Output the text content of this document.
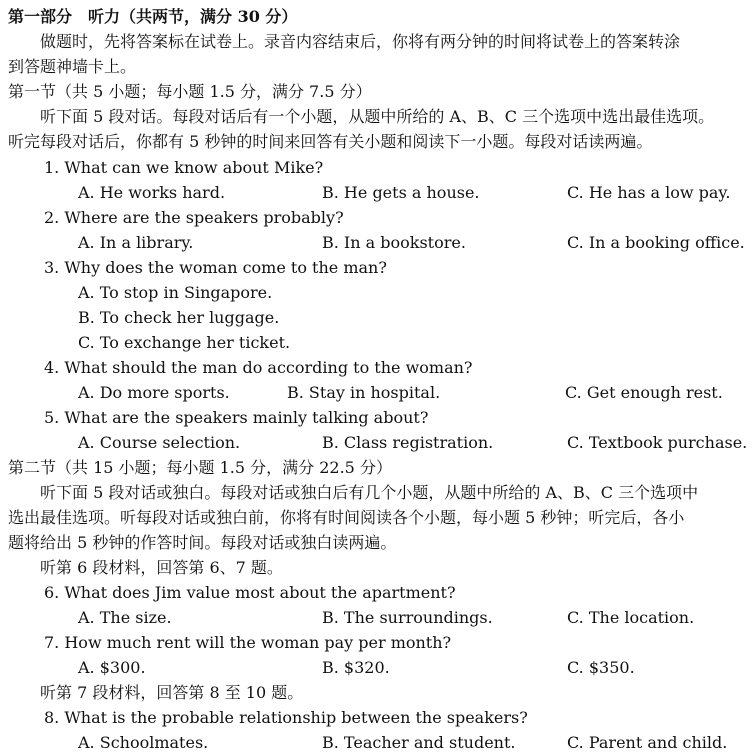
第一部分　听力（共两节，满分 30 分）
做题时，先将答案标在试卷上。录音内容结束后，你将有两分钟的时间将试卷上的答案转涂
到答题神墙卡上。
第一节（共 5 小题；每小题 1.5 分，满分 7.5 分）
听下面 5 段对话。每段对话后有一个小题，从题中所给的 A、B、C 三个选项中选出最佳选项。
听完每段对话后，你都有 5 秒钟的时间来回答有关小题和阅读下一小题。每段对话读两遍。
1. What can we know about Mike?
A. He works hard.	B. He gets a house.	C. He has a low pay.
2. Where are the speakers probably?
A. In a library.	B. In a bookstore.	C. In a booking office.
3. Why does the woman come to the man?
A. To stop in Singapore.
B. To check her luggage.
C. To exchange her ticket.
4. What should the man do according to the woman?
A. Do more sports.	B. Stay in hospital.	C. Get enough rest.
5. What are the speakers mainly talking about?
A. Course selection.	B. Class registration.	C. Textbook purchase.
第二节（共 15 小题；每小题 1.5 分，满分 22.5 分）
听下面 5 段对话或独白。每段对话或独白后有几个小题，从题中所给的 A、B、C 三个选项中
选出最佳选项。听每段对话或独白前，你将有时间阅读各个小题，每小题 5 秒钟；听完后，各小
题将给出 5 秒钟的作答时间。每段对话或独白读两遍。
听第 6 段材料，回答第 6、7 题。
6. What does Jim value most about the apartment?
A. The size.	B. The surroundings.	C. The location.
7. How much rent will the woman pay per month?
A. $300.	B. $320.	C. $350.
听第 7 段材料，回答第 8 至 10 题。
8. What is the probable relationship between the speakers?
A. Schoolmates.	B. Teacher and student.	C. Parent and child.
